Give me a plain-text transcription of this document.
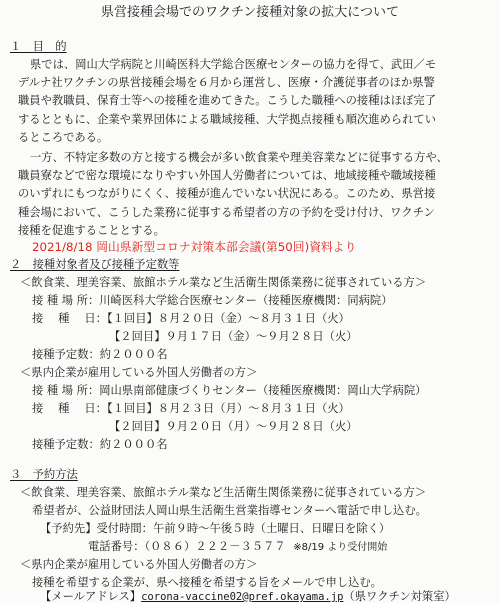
県営接種会場でのワクチン接種対象の拡大について
１　目　的
県では、岡山大学病院と川崎医科大学総合医療センターの協力を得て、武田／モ
デルナ社ワクチンの県営接種会場を６月から運営し、医療・介護従事者のほか県警
職員や教職員、保育士等への接種を進めてきた。こうした職種への接種はほぼ完了
するとともに、企業や業界団体による職域接種、大学拠点接種も順次進められてい
るところである。
一方、不特定多数の方と接する機会が多い飲食業や理美容業などに従事する方や、
職員寮などで密な環境になりやすい外国人労働者については、地域接種や職域接種
のいずれにもつながりにくく、接種が進んでいない状況にある。このため、県営接
種会場において、こうした業務に従事する希望者の方の予約を受け付け、ワクチン
接種を促進することとする。
2021/8/18 岡山県新型コロナ対策本部会議(第50回)資料より
２　接種対象者及び接種予定数等
＜飲食業、理美容業、旅館ホテル業など生活衛生関係業務に従事されている方＞
接 種 場 所：川崎医科大学総合医療センター（接種医療機関：同病院）
接　 種　 日：【１回目】８月２０日（金）～８月３１日（火）
【２回目】９月１７日（金）～９月２８日（火）
接種予定数：約２０００名
＜県内企業が雇用している外国人労働者の方＞
接 種 場 所：岡山県南部健康づくりセンター（接種医療機関：岡山大学病院）
接　 種　 日：【１回目】８月２３日（月）～８月３１日（火）
【２回目】９月２０日（月）～９月２８日（火）
接種予定数：約２０００名
３　予約方法
＜飲食業、理美容業、旅館ホテル業など生活衛生関係業務に従事されている方＞
希望者が、公益財団法人岡山県生活衛生営業指導センターへ電話で申し込む。
【予約先】受付時間：午前９時～午後５時（土曜日、日曜日を除く）
電話番号：（０８６）２２２－３５７７ ※8/19 より受付開始
＜県内企業が雇用している外国人労働者の方＞
接種を希望する企業が、県へ接種を希望する旨をメールで申し込む。
【メールアドレス】corona-vaccine02@pref.okayama.jp（県ワクチン対策室）
